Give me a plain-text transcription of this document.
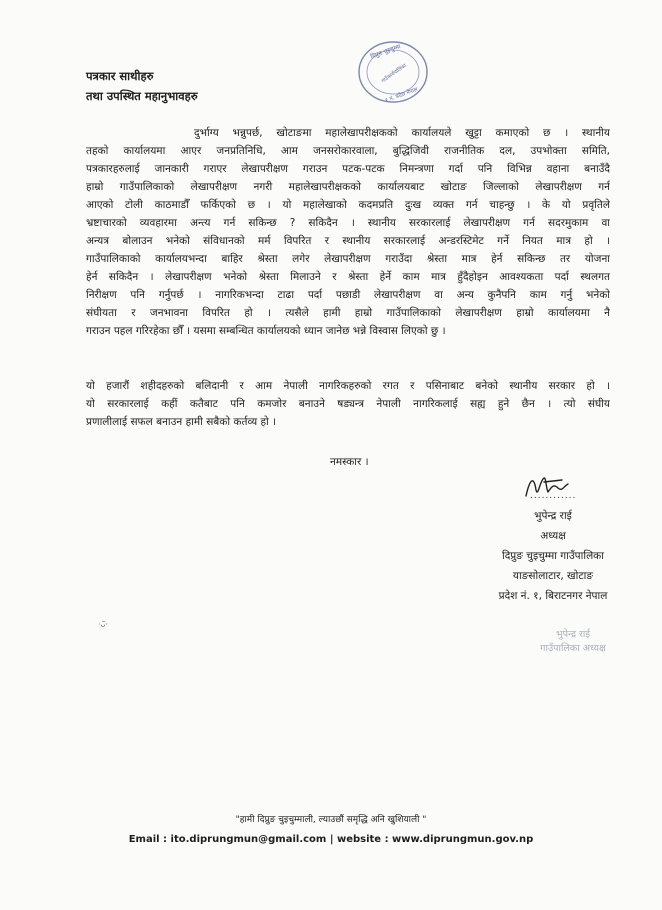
पत्रकार साथीहरु
तथा उपस्थित महानुभावहरु
दिप्रुङ चुइचुम्मा
गाउँकार्यपालिका
१ नं. प्रदेश नेपाल
दुर्भाग्य भन्नुपर्छ, खोटाङमा महालेखापरीक्षकको कार्यालयले खुट्टा कमाएको छ । स्थानीय
तहको कार्यालयमा आएर जनप्रतिनिधि, आम जनसरोकारवाला, बुद्धिजिवी राजनीतिक दल, उपभोक्ता समिति,
पत्रकारहरुलाई जानकारी गराएर लेखापरीक्षण गराउन पटक-पटक निमन्त्रणा गर्दा पनि विभिन्न वहाना बनाउँदै
हाम्रो गाउँपालिकाको लेखापरीक्षण नगरी महालेखापरीक्षकको कार्यालयबाट खोटाङ जिल्लाको लेखापरीक्षण गर्न
आएको टोली काठमाडौँ फर्किएको छ । यो महालेखाको कदमप्रति दुःख व्यक्त गर्न चाहन्छु । के यो प्रवृतिले
भ्रष्टाचारको व्यवहारमा अन्त्य गर्न सकिन्छ ? सकिदैन । स्थानीय सरकारलाई लेखापरीक्षण गर्न सदरमुकाम वा
अन्यत्र बोलाउन भनेको संविधानको मर्म विपरित र स्थानीय सरकारलाई अन्डरस्टिमेट गर्ने नियत मात्र हो ।
गाउँपालिकाको कार्यालयभन्दा बाहिर श्रेस्ता लगेर लेखापरीक्षण गराउँदा श्रेस्ता मात्र हेर्न सकिन्छ तर योजना
हेर्न सकिदैन । लेखापरीक्षण भनेको श्रेस्ता मिलाउने र श्रेस्ता हेर्ने काम मात्र हुँदैहोइन आवश्यकता पर्दा स्थलगत
निरीक्षण पनि गर्नुपर्छ । नागरिकभन्दा टाढा पर्दा पछाडी लेखापरीक्षण वा अन्य कुनैपनि काम गर्नु भनेको
संघीयता र जनभावना विपरित हो । त्यसैले हामी हाम्रो गाउँपालिकाको लेखापरीक्षण हाम्रो कार्यालयमा नै
गराउन पहल गरिरहेका छौँ । यसमा सम्बन्धित कार्यालयको ध्यान जानेछ भन्ने विस्वास लिएको छु ।
यो हजारौं शहीदहरुको बलिदानी र आम नेपाली नागरिकहरुको रगत र पसिनाबाट बनेको स्थानीय सरकार हो ।
यो सरकारलाई कहीं कतैबाट पनि कमजोर बनाउने षड्यन्त्र नेपाली नागरिकलाई सह्य हुने छैन । त्यो संघीय
प्रणालीलाई सफल बनाउन हामी सबैको कर्तव्य हो ।
नमस्कार ।
............
भुपेन्द्र राई
अध्यक्ष
दिप्रुङ चुइचुम्मा गाउँपालिका
याङसोलाटार, खोटाङ
प्रदेश नं. १, बिराटनगर नेपाल
भुपेन्द्र राई
गाउँपालिका अध्यक्ष
·ᴗ̃·
"हामी दिप्रुङ चुइचुम्माली, ल्याउछौं समृद्धि अनि खुशियाली "
Email : ito.diprungmun@gmail.com | website : www.diprungmun.gov.np
